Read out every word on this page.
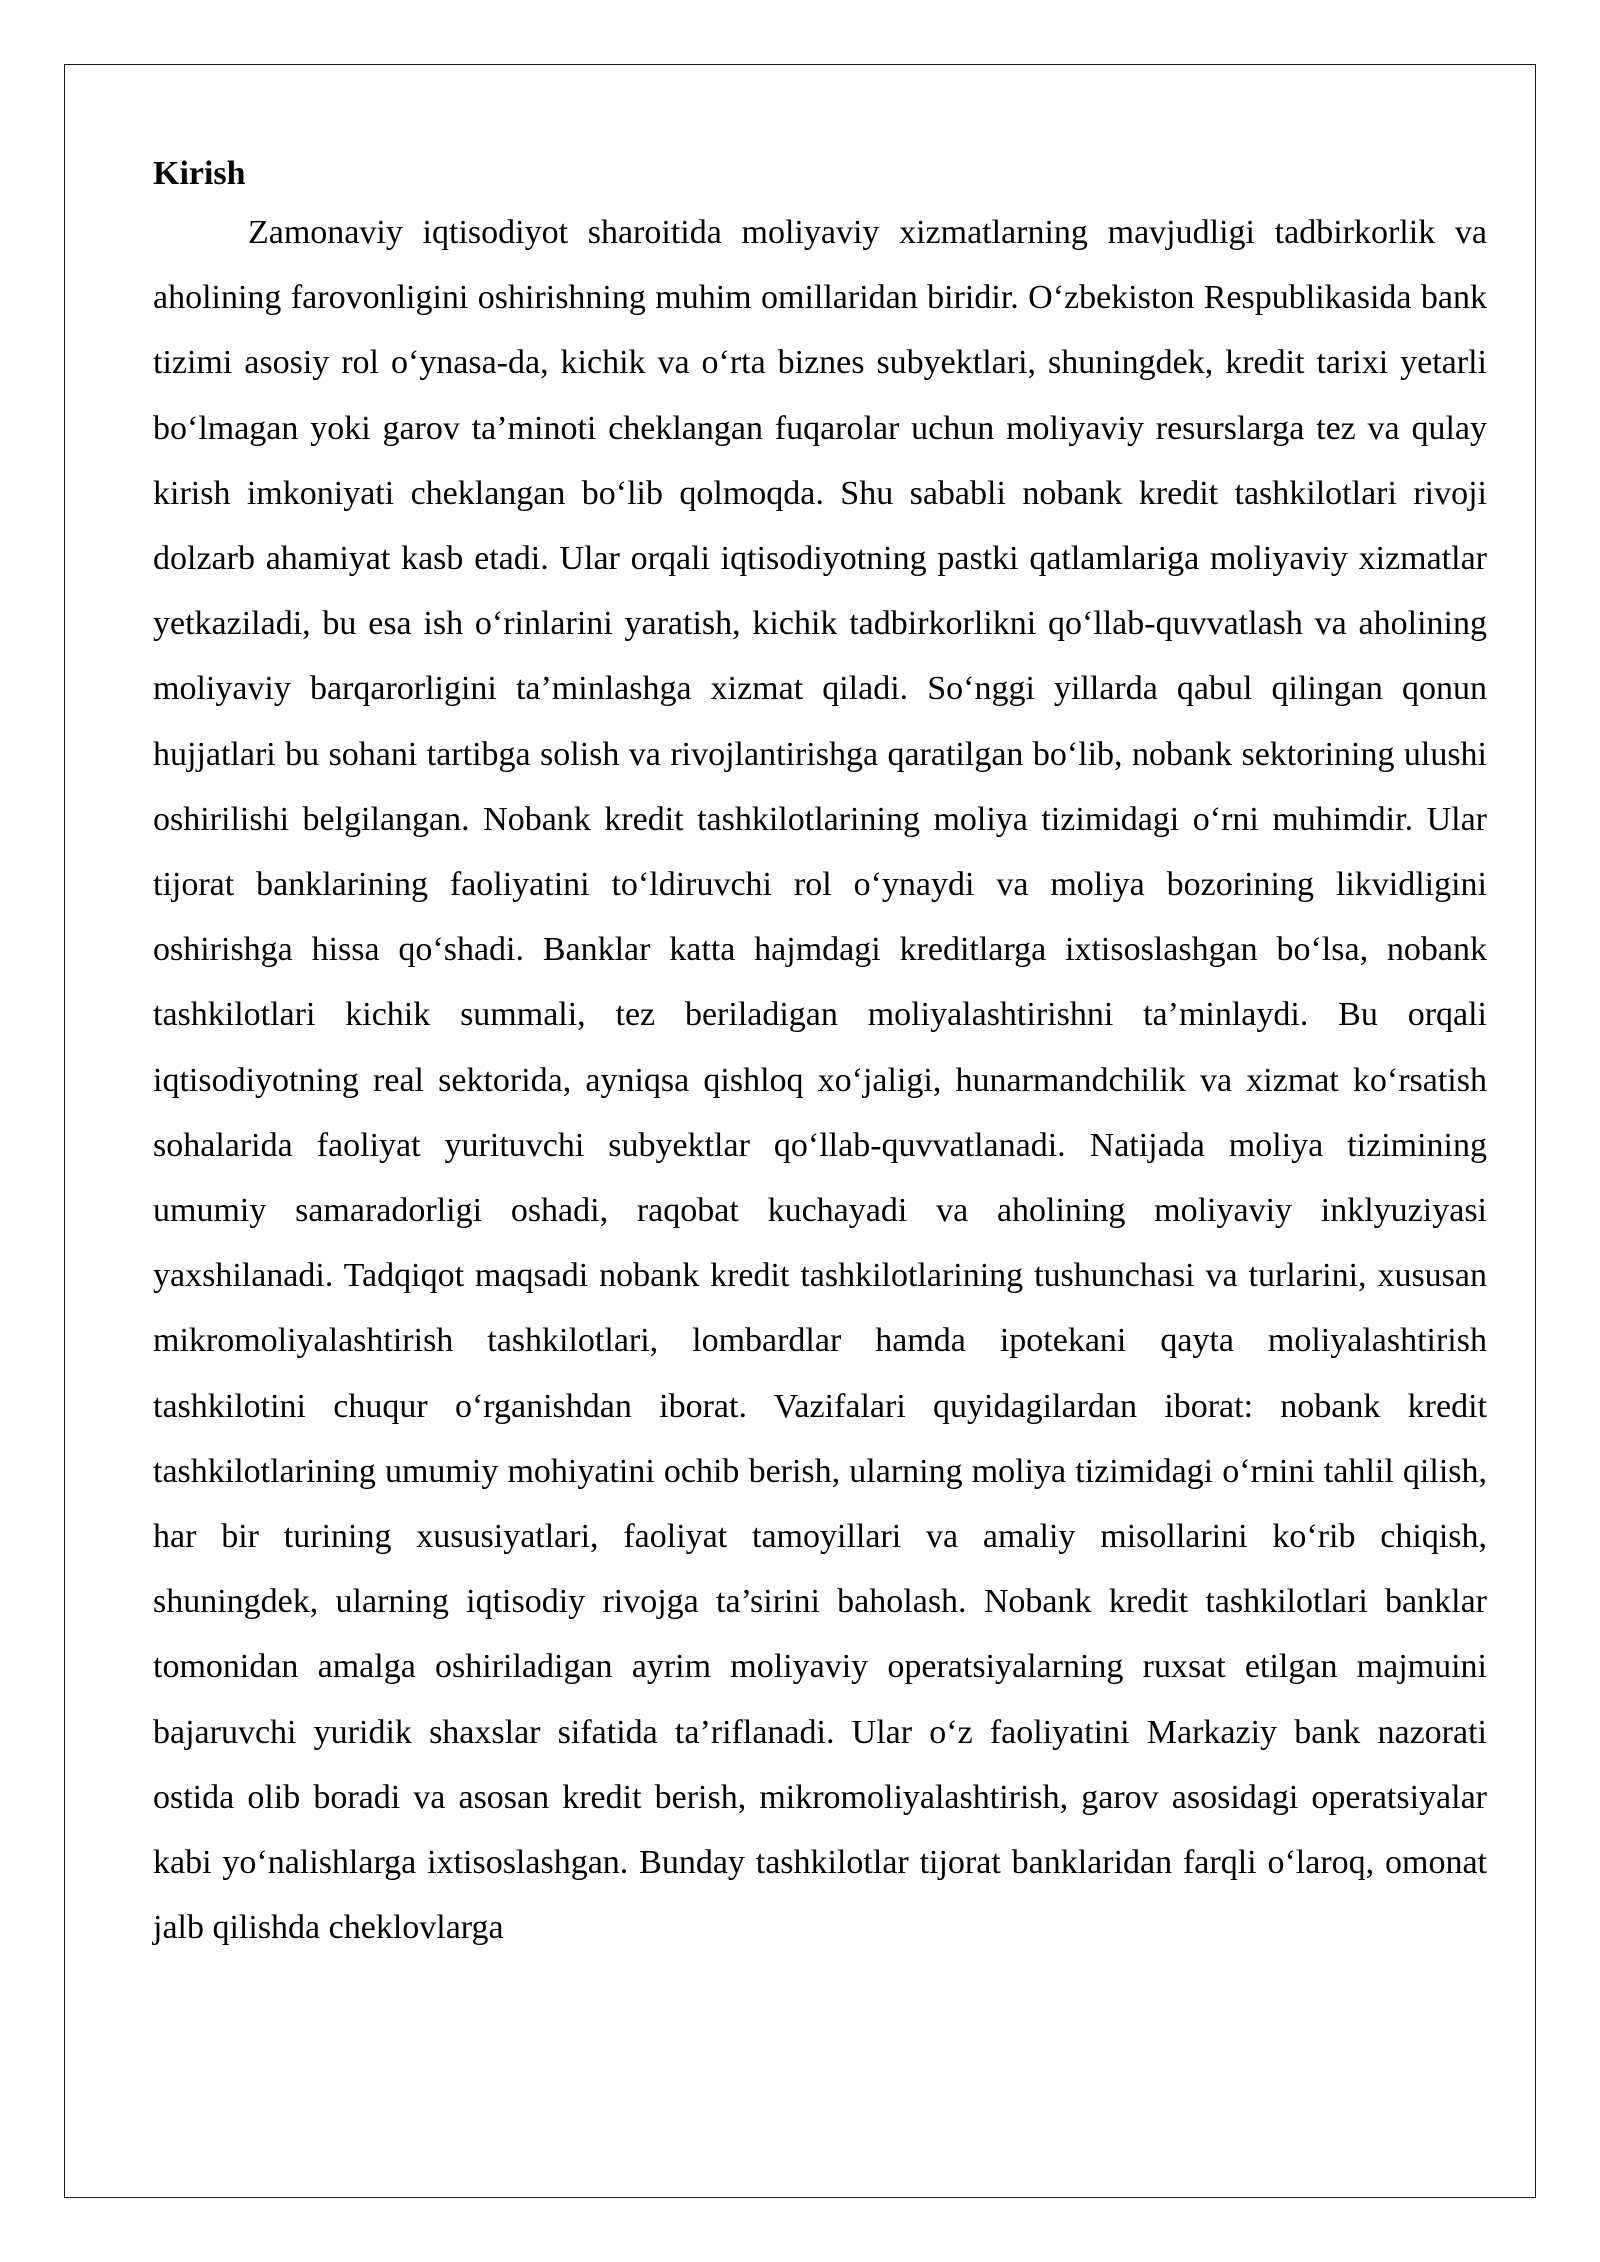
Kirish

Zamonaviy iqtisodiyot sharoitida moliyaviy xizmatlarning mavjudligi tadbirkorlik va aholining farovonligini oshirishning muhim omillaridan biridir. O‘zbekiston Respublikasida bank tizimi asosiy rol o‘ynasa-da, kichik va o‘rta biznes subyektlari, shuningdek, kredit tarixi yetarli bo‘lmagan yoki garov ta’minoti cheklangan fuqarolar uchun moliyaviy resurslarga tez va qulay kirish imkoniyati cheklangan bo‘lib qolmoqda. Shu sababli nobank kredit tashkilotlari rivoji dolzarb ahamiyat kasb etadi. Ular orqali iqtisodiyotning pastki qatlamlariga moliyaviy xizmatlar yetkaziladi, bu esa ish o‘rinlarini yaratish, kichik tadbirkorlikni qo‘llab-quvvatlash va aholining moliyaviy barqarorligini ta’minlashga xizmat qiladi. So‘nggi yillarda qabul qilingan qonun hujjatlari bu sohani tartibga solish va rivojlantirishga qaratilgan bo‘lib, nobank sektorining ulushi oshirilishi belgilangan. Nobank kredit tashkilotlarining moliya tizimidagi o‘rni muhimdir. Ular tijorat banklarining faoliyatini to‘ldiruvchi rol o‘ynaydi va moliya bozorining likvidligini oshirishga hissa qo‘shadi. Banklar katta hajmdagi kreditlarga ixtisoslashgan bo‘lsa, nobank tashkilotlari kichik summali, tez beriladigan moliyalashtirishni ta’minlaydi. Bu orqali iqtisodiyotning real sektorida, ayniqsa qishloq xo‘jaligi, hunarmandchilik va xizmat ko‘rsatish sohalarida faoliyat yurituvchi subyektlar qo‘llab-quvvatlanadi. Natijada moliya tizimining umumiy samaradorligi oshadi, raqobat kuchayadi va aholining moliyaviy inklyuziyasi yaxshilanadi. Tadqiqot maqsadi nobank kredit tashkilotlarining tushunchasi va turlarini, xususan mikromoliyalashtirish tashkilotlari, lombardlar hamda ipotekani qayta moliyalashtirish tashkilotini chuqur o‘rganishdan iborat. Vazifalari quyidagilardan iborat: nobank kredit tashkilotlarining umumiy mohiyatini ochib berish, ularning moliya tizimidagi o‘rnini tahlil qilish, har bir turining xususiyatlari, faoliyat tamoyillari va amaliy misollarini ko‘rib chiqish, shuningdek, ularning iqtisodiy rivojga ta’sirini baholash. Nobank kredit tashkilotlari banklar tomonidan amalga oshiriladigan ayrim moliyaviy operatsiyalarning ruxsat etilgan majmuini bajaruvchi yuridik shaxslar sifatida ta’riflanadi. Ular o‘z faoliyatini Markaziy bank nazorati ostida olib boradi va asosan kredit berish, mikromoliyalashtirish, garov asosidagi operatsiyalar kabi yo‘nalishlarga ixtisoslashgan. Bunday tashkilotlar tijorat banklaridan farqli o‘laroq, omonat jalb qilishda cheklovlarga
